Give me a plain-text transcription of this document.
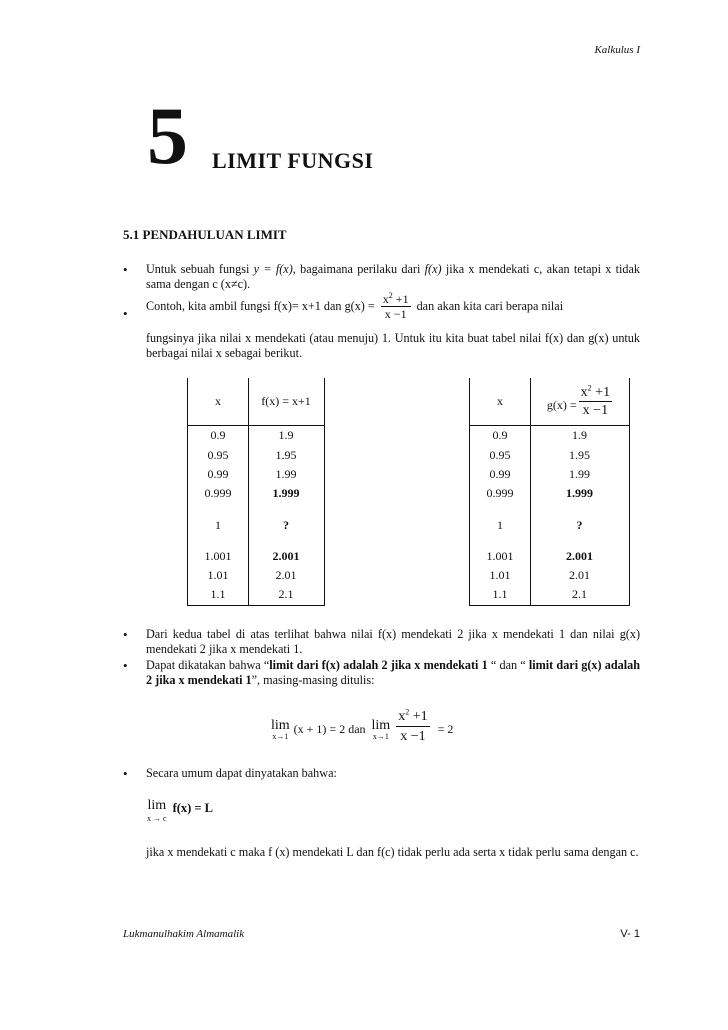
Kalkulus I
5 LIMIT FUNGSI
5.1 PENDAHULUAN LIMIT
• Untuk sebuah fungsi y = f(x), bagaimana perilaku dari f(x) jika x mendekati c, akan tetapi x tidak sama dengan c (x≠c).
• Contoh, kita ambil fungsi f(x)= x+1 dan $g(x) = \frac{x^2 +1}{x -1}$ dan akan kita cari berapa nilai
fungsinya jika nilai x mendekati (atau menuju) 1. Untuk itu kita buat tabel nilai f(x) dan g(x) untuk berbagai nilai x sebagai berikut.
x	f(x) = x+1
0.9	1.9
0.95	1.95
0.99	1.99
0.999	1.999
1	?
1.001	2.001
1.01	2.01
1.1	2.1
x	$g(x) = \frac{x^2 +1}{x -1}$
0.9	1.9
0.95	1.95
0.99	1.99
0.999	1.999
1	?
1.001	2.001
1.01	2.01
1.1	2.1
• Dari kedua tabel di atas terlihat bahwa nilai f(x) mendekati 2 jika x mendekati 1 dan nilai g(x) mendekati 2 jika x mendekati 1.
• Dapat dikatakan bahwa “limit dari f(x) adalah 2 jika x mendekati 1 “ dan “ limit dari g(x) adalah 2 jika x mendekati 1”, masing-masing ditulis:
lim
x→1 (x + 1) = 2 dan lim
$x\to 1 \frac{x^2 +1}{x -1} = 2$
• Secara umum dapat dinyatakan bahwa:
lim
x → c
f(x) = L
jika x mendekati c maka f (x) mendekati L dan f(c) tidak perlu ada serta x tidak perlu sama dengan c.
Lukmanulhakim Almamalik	V- 1
